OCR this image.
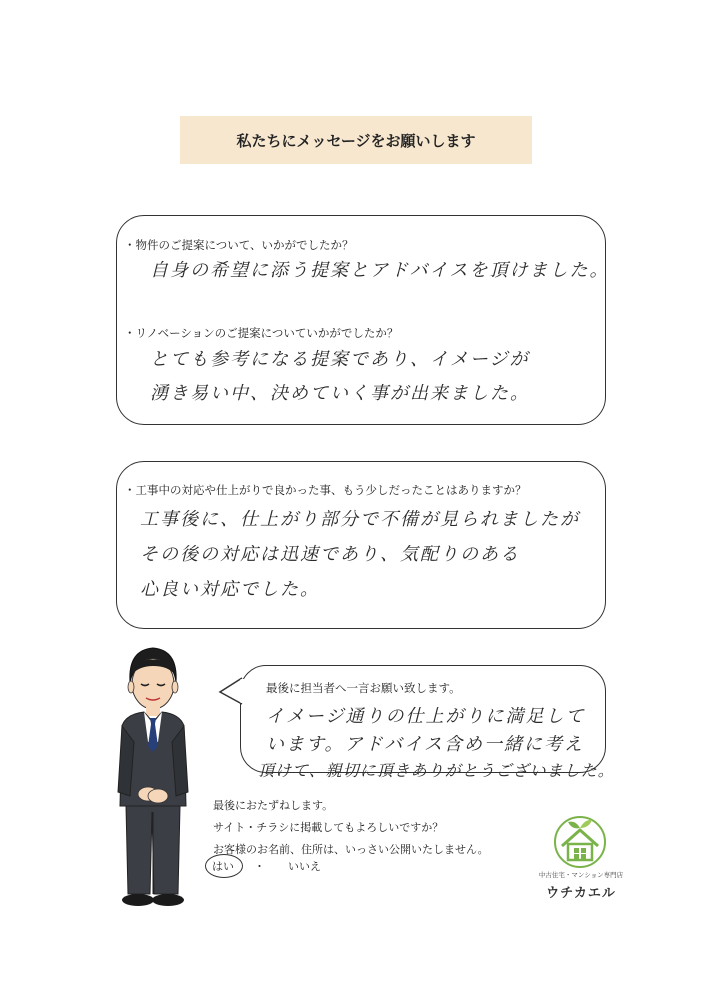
私たちにメッセージをお願いします
・物件のご提案について、いかがでしたか？
自身の希望に添う提案とアドバイスを頂けました。
・リノベーションのご提案についていかがでしたか？
とても参考になる提案であり、イメージが
湧き易い中、決めていく事が出来ました。
・工事中の対応や仕上がりで良かった事、もう少しだったことはありますか？
工事後に、仕上がり部分で不備が見られましたが
その後の対応は迅速であり、気配りのある
心良い対応でした。
最後に担当者へ一言お願い致します。
イメージ通りの仕上がりに満足して
います。アドバイス含め一緒に考え
頂けて、親切に頂きありがとうございました。
最後におたずねします。
サイト・チラシに掲載してもよろしいですか？
お客様のお名前、住所は、いっさい公開いたしません。
はい ・ いいえ
中古住宅・マンション専門店
ウチカエル
